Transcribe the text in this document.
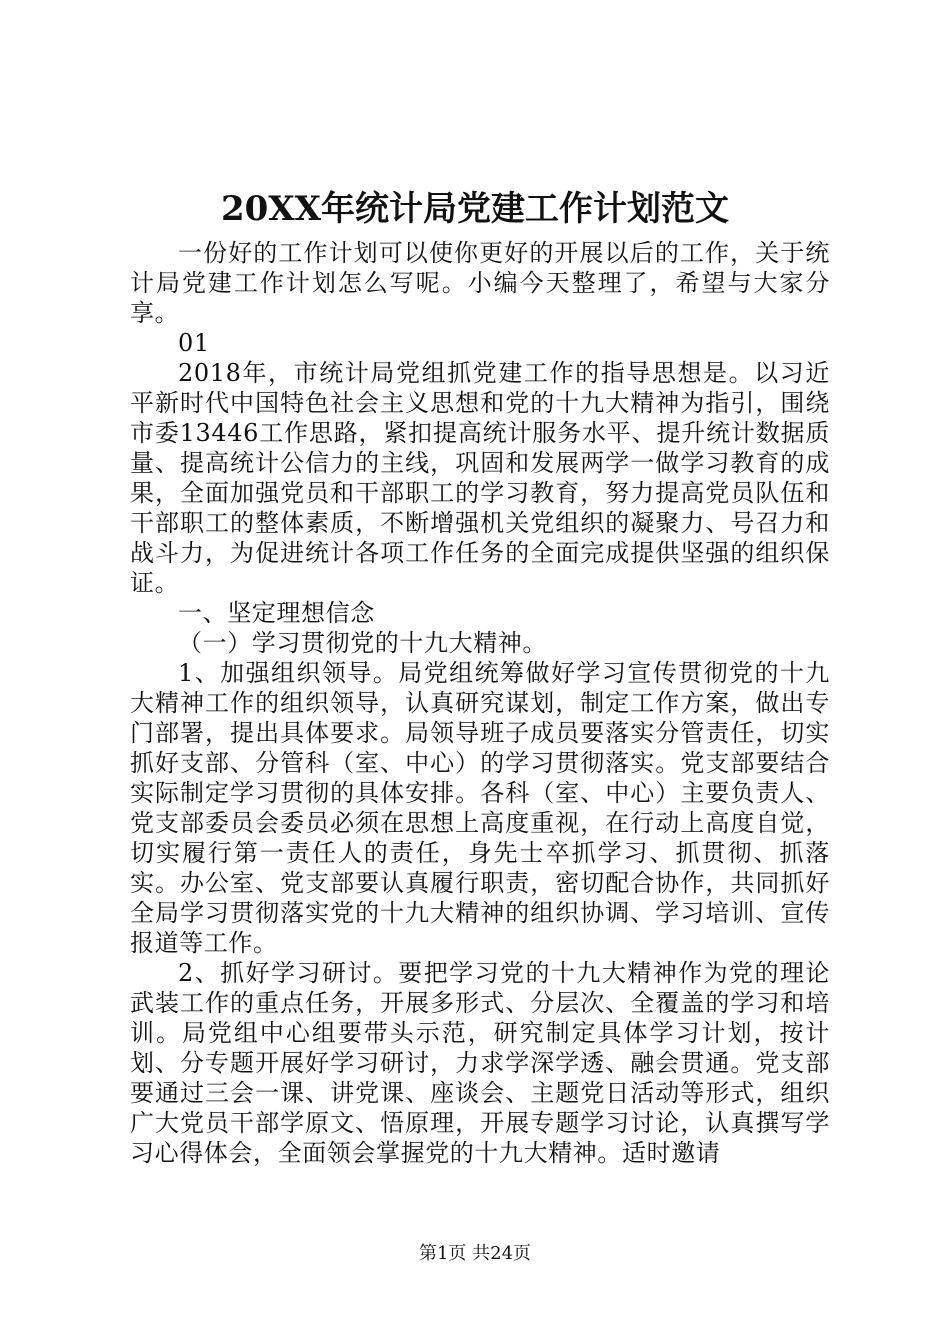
20XX年统计局党建工作计划范文

一份好的工作计划可以使你更好的开展以后的工作，关于统计局党建工作计划怎么写呢。小编今天整理了，希望与大家分享。

01

2018年，市统计局党组抓党建工作的指导思想是。以习近平新时代中国特色社会主义思想和党的十九大精神为指引，围绕市委13446工作思路，紧扣提高统计服务水平、提升统计数据质量、提高统计公信力的主线，巩固和发展两学一做学习教育的成果，全面加强党员和干部职工的学习教育，努力提高党员队伍和干部职工的整体素质，不断增强机关党组织的凝聚力、号召力和战斗力，为促进统计各项工作任务的全面完成提供坚强的组织保证。

一、坚定理想信念

（一）学习贯彻党的十九大精神。

1、加强组织领导。局党组统筹做好学习宣传贯彻党的十九大精神工作的组织领导，认真研究谋划，制定工作方案，做出专门部署，提出具体要求。局领导班子成员要落实分管责任，切实抓好支部、分管科（室、中心）的学习贯彻落实。党支部要结合实际制定学习贯彻的具体安排。各科（室、中心）主要负责人、党支部委员会委员必须在思想上高度重视，在行动上高度自觉，切实履行第一责任人的责任，身先士卒抓学习、抓贯彻、抓落实。办公室、党支部要认真履行职责，密切配合协作，共同抓好全局学习贯彻落实党的十九大精神的组织协调、学习培训、宣传报道等工作。

2、抓好学习研讨。要把学习党的十九大精神作为党的理论武装工作的重点任务，开展多形式、分层次、全覆盖的学习和培训。局党组中心组要带头示范，研究制定具体学习计划，按计划、分专题开展好学习研讨，力求学深学透、融会贯通。党支部要通过三会一课、讲党课、座谈会、主题党日活动等形式，组织广大党员干部学原文、悟原理，开展专题学习讨论，认真撰写学习心得体会，全面领会掌握党的十九大精神。适时邀请

第1页 共24页
